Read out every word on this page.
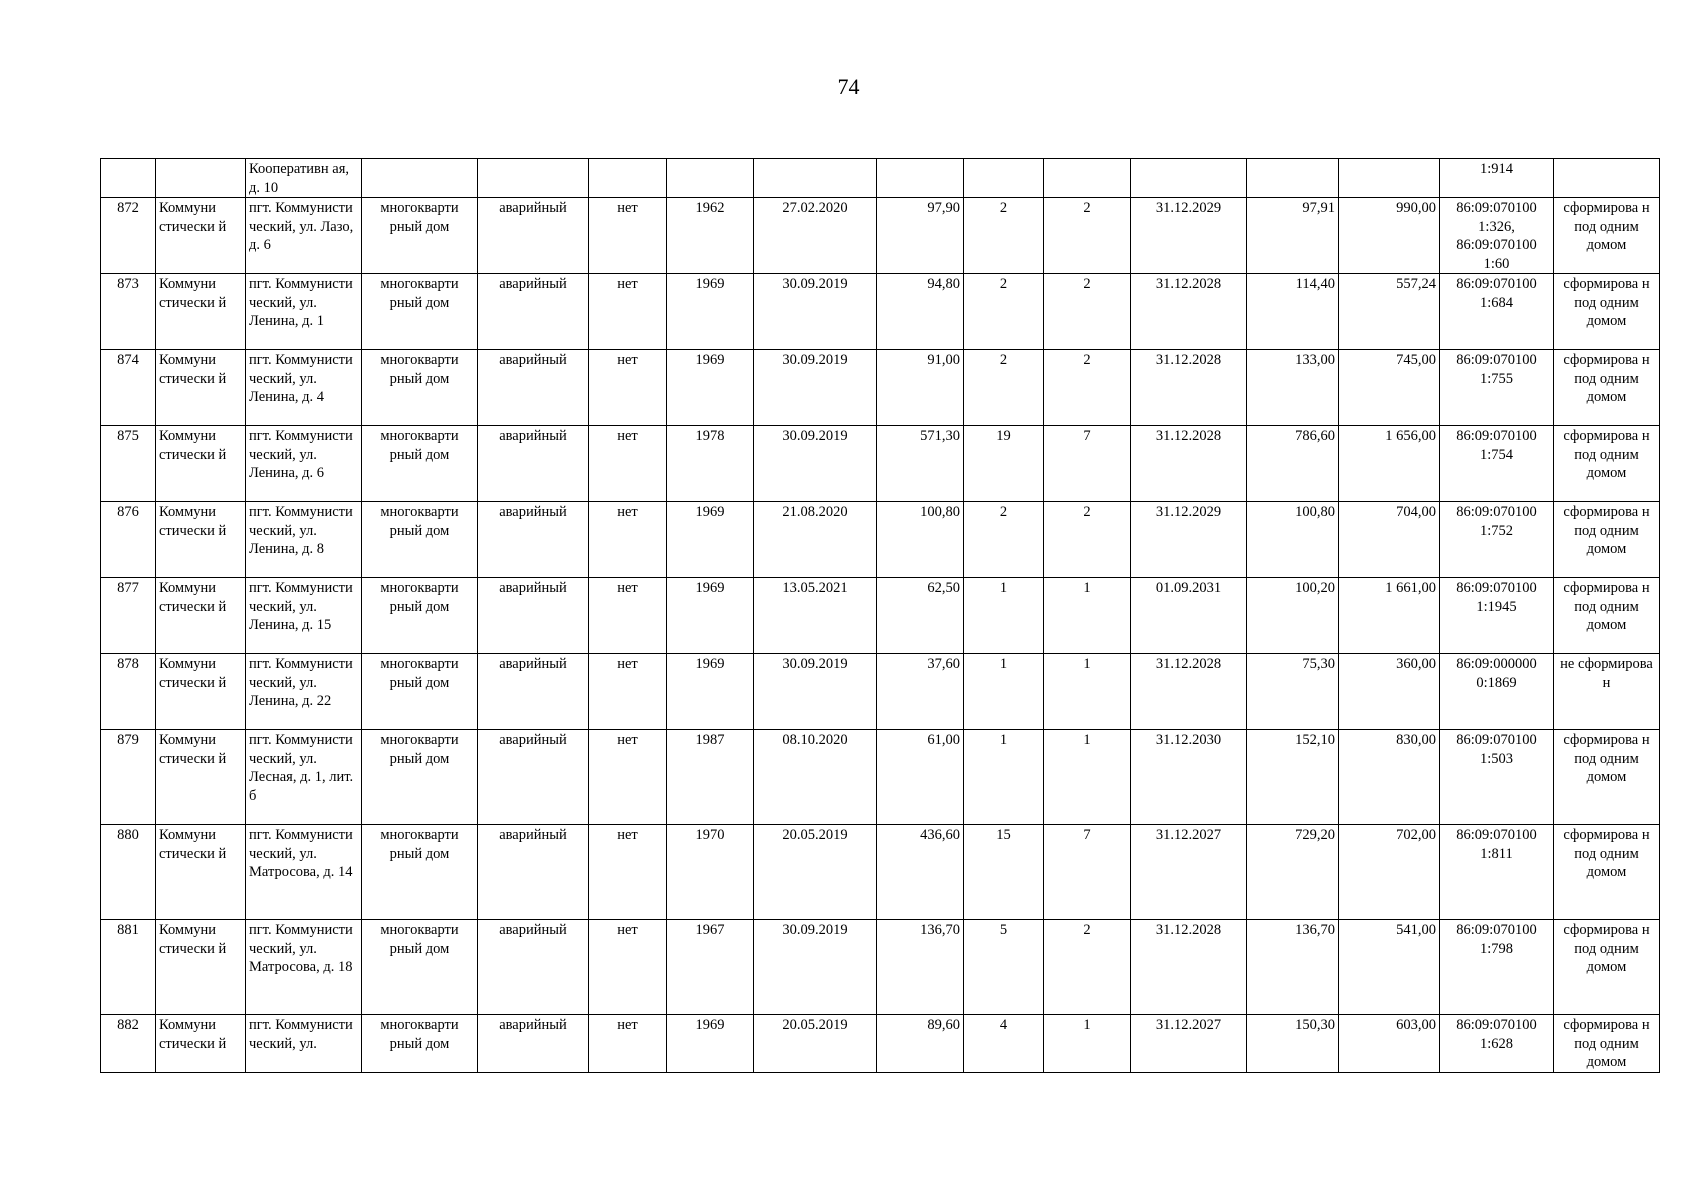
74
		Кооперативн ая, д. 10												1:914	
872	Коммуни стически й	пгт. Коммунисти ческий, ул. Лазо, д. 6	многокварти рный дом	аварийный	нет	1962	27.02.2020	97,90	2	2	31.12.2029	97,91	990,00	86:09:070100 1:326, 86:09:070100 1:60	сформирова н под одним домом
873	Коммуни стически й	пгт. Коммунисти ческий, ул. Ленина, д. 1	многокварти рный дом	аварийный	нет	1969	30.09.2019	94,80	2	2	31.12.2028	114,40	557,24	86:09:070100 1:684	сформирова н под одним домом
874	Коммуни стически й	пгт. Коммунисти ческий, ул. Ленина, д. 4	многокварти рный дом	аварийный	нет	1969	30.09.2019	91,00	2	2	31.12.2028	133,00	745,00	86:09:070100 1:755	сформирова н под одним домом
875	Коммуни стически й	пгт. Коммунисти ческий, ул. Ленина, д. 6	многокварти рный дом	аварийный	нет	1978	30.09.2019	571,30	19	7	31.12.2028	786,60	1 656,00	86:09:070100 1:754	сформирова н под одним домом
876	Коммуни стически й	пгт. Коммунисти ческий, ул. Ленина, д. 8	многокварти рный дом	аварийный	нет	1969	21.08.2020	100,80	2	2	31.12.2029	100,80	704,00	86:09:070100 1:752	сформирова н под одним домом
877	Коммуни стически й	пгт. Коммунисти ческий, ул. Ленина, д. 15	многокварти рный дом	аварийный	нет	1969	13.05.2021	62,50	1	1	01.09.2031	100,20	1 661,00	86:09:070100 1:1945	сформирова н под одним домом
878	Коммуни стически й	пгт. Коммунисти ческий, ул. Ленина, д. 22	многокварти рный дом	аварийный	нет	1969	30.09.2019	37,60	1	1	31.12.2028	75,30	360,00	86:09:000000 0:1869	не сформирова н
879	Коммуни стически й	пгт. Коммунисти ческий, ул. Лесная, д. 1, лит. б	многокварти рный дом	аварийный	нет	1987	08.10.2020	61,00	1	1	31.12.2030	152,10	830,00	86:09:070100 1:503	сформирова н под одним домом
880	Коммуни стически й	пгт. Коммунисти ческий, ул. Матросова, д. 14	многокварти рный дом	аварийный	нет	1970	20.05.2019	436,60	15	7	31.12.2027	729,20	702,00	86:09:070100 1:811	сформирова н под одним домом
881	Коммуни стически й	пгт. Коммунисти ческий, ул. Матросова, д. 18	многокварти рный дом	аварийный	нет	1967	30.09.2019	136,70	5	2	31.12.2028	136,70	541,00	86:09:070100 1:798	сформирова н под одним домом
882	Коммуни стически й	пгт. Коммунисти ческий, ул.	многокварти рный дом	аварийный	нет	1969	20.05.2019	89,60	4	1	31.12.2027	150,30	603,00	86:09:070100 1:628	сформирова н под одним домом
